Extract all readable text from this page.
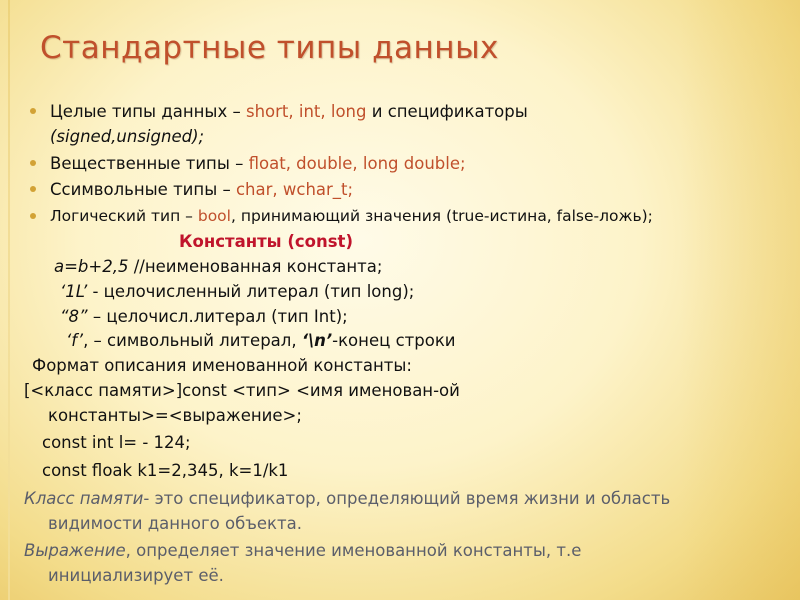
Стандартные типы данных
Целые типы данных – short, int, long и спецификаторы
(signed,unsigned);
Вещественные типы – float, double, long double;
Ссимвольные типы – char, wchar_t;
Логический тип – bool, принимающий значения (true-истина, false-ложь);
Константы (const)
a=b+2,5 //неименованная константа;
‘1L’ - целочисленный литерал (тип long);
“8” – целочисл.литерал (тип Int);
‘f’, – символьный литерал, ‘\n’-конец строки
Формат описания именованной константы:
[<класс памяти>]const <тип> <имя именован-ой
константы>=<выражение>;
const int l= - 124;
const floak k1=2,345, k=1/k1
Класс памяти- это спецификатор, определяющий время жизни и область
видимости данного объекта.
Выражение, определяет значение именованной константы, т.е
инициализирует её.
